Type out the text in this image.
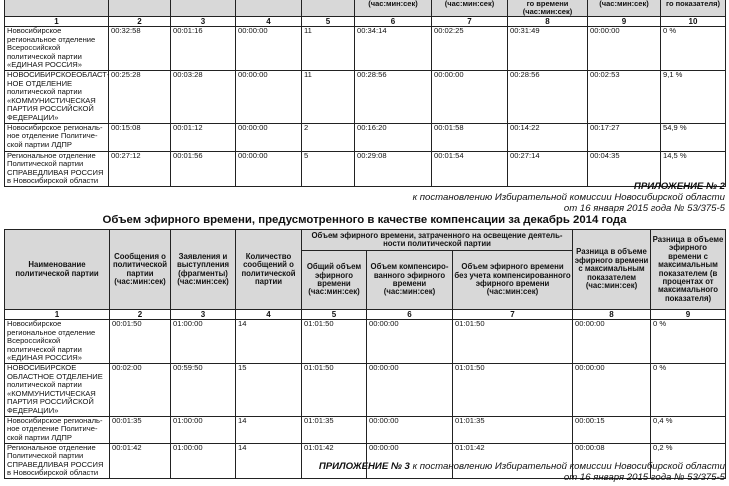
					(час:мин:сек)	(час:мин:сек)	го времени
(час:мин:сек)	(час:мин:сек)	го показателя)
1	2	3	4	5	6	7	8	9	10
Новосибирское региональное отделение Всероссийской политической партии «ЕДИНАЯ РОССИЯ»	00:32:58	00:01:16	00:00:00	11	00:34:14	00:02:25	00:31:49	00:00:00	0 %
НОВОСИБИРСКОЕОБЛАСТНОЕ ОТДЕЛЕНИЕ политической партии «КОММУНИСТИЧЕСКАЯ ПАРТИЯ РОССИЙСКОЙ ФЕДЕРАЦИИ»	00:25:28	00:03:28	00:00:00	11	00:28:56	00:00:00	00:28:56	00:02:53	9,1 %
Новосибирское региональное отделение Политической партии ЛДПР	00:15:08	00:01:12	00:00:00	2	00:16:20	00:01:58	00:14:22	00:17:27	54,9 %
Региональное отделение Политической партии СПРАВЕДЛИВАЯ РОССИЯ в Новосибирской области	00:27:12	00:01:56	00:00:00	5	00:29:08	00:01:54	00:27:14	00:04:35	14,5 %
ПРИЛОЖЕНИЕ № 2
к постановлению Избирательной комиссии Новосибирской области
от 16 января 2015 года № 53/375-5
Объем эфирного времени, предусмотренного в качестве компенсации за декабрь 2014 года
Наименование политической партии	Сообщения о политической партии (час:мин:сек)	Заявления и выступления (фрагменты) (час:мин:сек)	Количество сообщений о политической партии	Объем эфирного времени, затраченного на освещение деятельности политической партии			Разница в объеме эфирного времени с максимальным показателем (час:мин:сек)	Разница в объеме эфирного времени с максимальным показателем (в процентах от максимального показателя)
				Общий объем эфирного времени (час:мин:сек)	Объем компенсированного эфирного времени (час:мин:сек)	Объем эфирного времени без учета компенсированного эфирного времени (час:мин:сек)		
1	2	3	4	5	6	7	8	9
Новосибирское региональное отделение Всероссийской политической партии «ЕДИНАЯ РОССИЯ»	00:01:50	01:00:00	14	01:01:50	00:00:00	01:01:50	00:00:00	0 %
НОВОСИБИРСКОЕ ОБЛАСТНОЕ ОТДЕЛЕНИЕ политической партии «КОММУНИСТИЧЕСКАЯ ПАРТИЯ РОССИЙСКОЙ ФЕДЕРАЦИИ»	00:02:00	00:59:50	15	01:01:50	00:00:00	01:01:50	00:00:00	0 %
Новосибирское региональное отделение Политической партии ЛДПР	00:01:35	01:00:00	14	01:01:35	00:00:00	01:01:35	00:00:15	0,4 %
Региональное отделение Политической партии СПРАВЕДЛИВАЯ РОССИЯ в Новосибирской области	00:01:42	01:00:00	14	01:01:42	00:00:00	01:01:42	00:00:08	0,2 %
ПРИЛОЖЕНИЕ № 3 к постановлению Избирательной комиссии Новосибирской области
от 16 января 2015 года № 53/375-5
